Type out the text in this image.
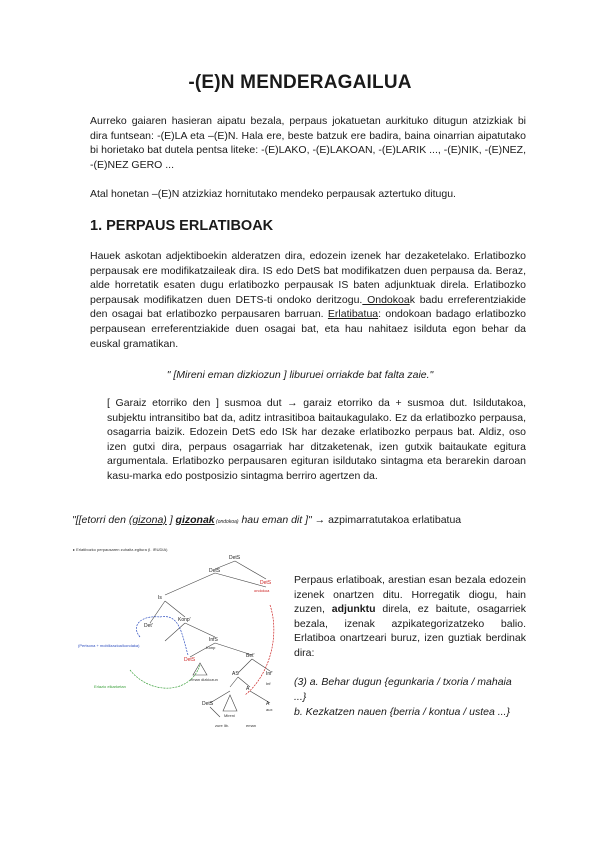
-(E)N MENDERAGAILUA
Aurreko gaiaren hasieran aipatu bezala, perpaus jokatuetan aurkituko ditugun atzizkiak bi dira funtsean: -(E)LA eta –(E)N. Hala ere, beste batzuk ere badira, baina oinarrian aipatutako bi horietako bat dutela pentsa liteke: -(E)LAKO, -(E)LAKOAN, -(E)LARIK ..., -(E)NIK, -(E)NEZ, -(E)NEZ GERO ...
Atal honetan –(E)N atzizkiaz hornitutako mendeko perpausak aztertuko ditugu.
1. PERPAUS ERLATIBOAK
Hauek askotan adjektiboekin alderatzen dira, edozein izenek har dezaketelako. Erlatibozko perpausak ere modifikatzaileak dira. IS edo DetS bat modifikatzen duen perpausa da. Beraz, alde horretatik esaten dugu erlatibozko perpausak IS baten adjunktuak direla. Erlatibozko perpausak modifikatzen duen DETS-ti ondoko deritzogu. Ondokoak badu erreferentziakide den osagai bat erlatibozko perpausaren barruan. Erlatibatua: ondokoan badago erlatibozko perpausean erreferentziakide duen osagai bat, eta hau nahitaez isilduta egon behar da euskal gramatikan.
" [Mireni eman dizkiozun ] liburuei orriakde bat falta zaie."
[ Garaiz etorriko den ] susmoa dut → garaiz etorriko da + susmoa dut. Isildutakoa, subjektu intransitibo bat da, aditz intrasitiboa baitaukagulako. Ez da erlatibozko perpausa, osagarria baizik. Edozein DetS edo ISk har dezake erlatibozko perpaus bat. Aldiz, oso izen gutxi dira, perpaus osagarriak har ditzaketenak, izen gutxik baitaukate egitura argumentala. Erlatibozko perpausaren egituran isildutako sintagma eta berarekin daroan kasu-marka edo postposizio sintagma berriro agertzen da.
"[[etorri den (gizona) ] gizonak (ondokoa) hau eman dit ]" → azpimarratutakoa erlatibatua
▸ Erlatibozko perpausaren zuhaitz-egitura (I. IRUDIA)
DetS
DetS
DetS
ondokoa
Is
Konp'
Det'
InfS
DetS
Bet'
AS	Inf'
A
DetS	A
Konp
Inf
eman dizkiozun
Mireni
aux
zure lib.	eman
(Pertsona + mobilizazioa/kondaka)
Erlazio elkarketan
Perpaus erlatiboak, arestian esan bezala edozein izenek onartzen ditu. Horregatik diogu, hain zuzen, adjunktu direla, ez baitute, osagarriek bezala, izenak azpikategorizatzeko balio. Erlatiboa onartzeari buruz, izen guztiak berdinak dira:
(3) a. Behar dugun {egunkaria / txoria / mahaia ...}
b. Kezkatzen nauen {berria / kontua / ustea ...}
